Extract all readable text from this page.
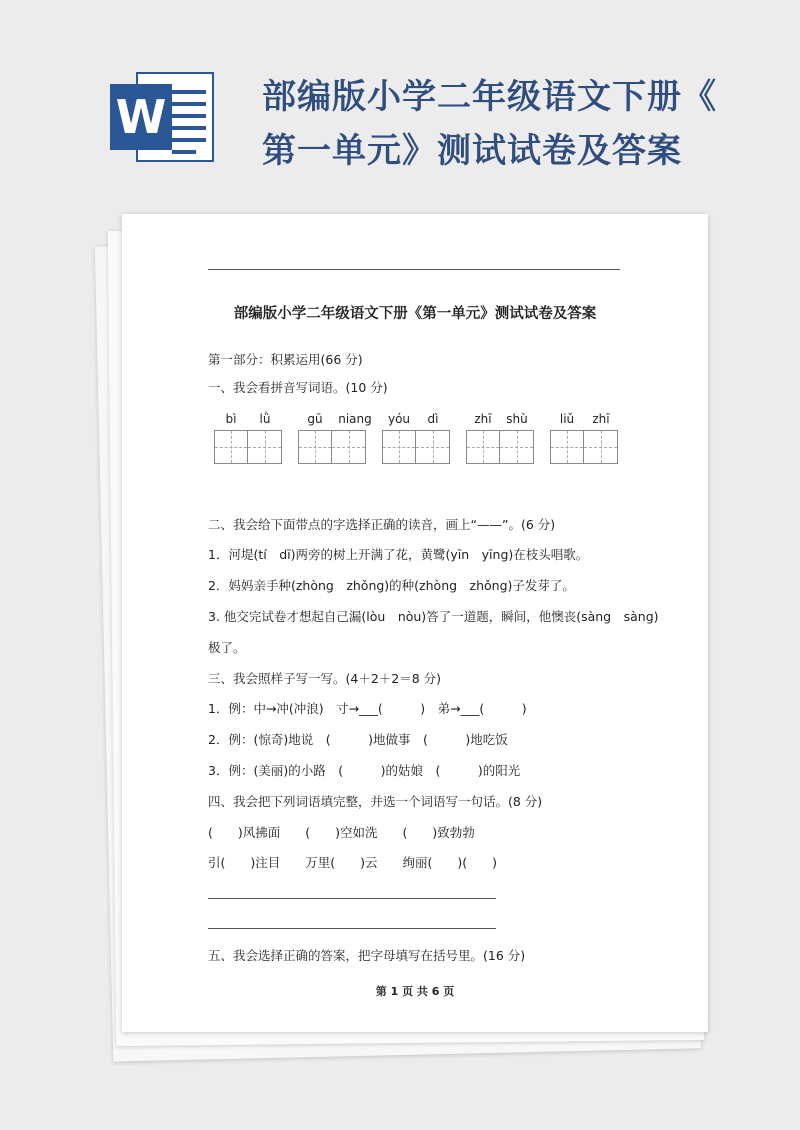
W	部编版小学二年级语文下册《
第一单元》测试试卷及答案
部编版小学二年级语文下册《第一单元》测试试卷及答案
第一部分：积累运用(66 分)
一、我会看拼音写词语。(10 分)
bì	lǜ	gū	niang	yóu	dì	zhī	shù	liǔ	zhī
二、我会给下面带点的字选择正确的读音，画上“——”。(6 分)
1．河堤(tí　dī)两旁的树上开满了花，黄鹭(yīn　yīng)在枝头唱歌。
2．妈妈亲手种(zhòng　zhǒng)的种(zhòng　zhǒng)子发芽了。
3. 他交完试卷才想起自己漏(lòu　nòu)答了一道题，瞬间，他懊丧(sàng　sàng)
极了。
三、我会照样子写一写。(4＋2＋2＝8 分)
1．例：中→冲(冲浪)　寸→___(　　　)　弟→___(　　　)
2．例：(惊奇)地说　(　　　)地做事　(　　　)地吃饭
3．例：(美丽)的小路　(　　　)的姑娘　(　　　)的阳光
四、我会把下列词语填完整，并选一个词语写一句话。(8 分)
(　　)风拂面　　(　　)空如洗　　(　　)致勃勃
引(　　)注目　　万里(　　)云　　绚丽(　　)(　　)
五、我会选择正确的答案，把字母填写在括号里。(16 分)
第 1 页 共 6 页
